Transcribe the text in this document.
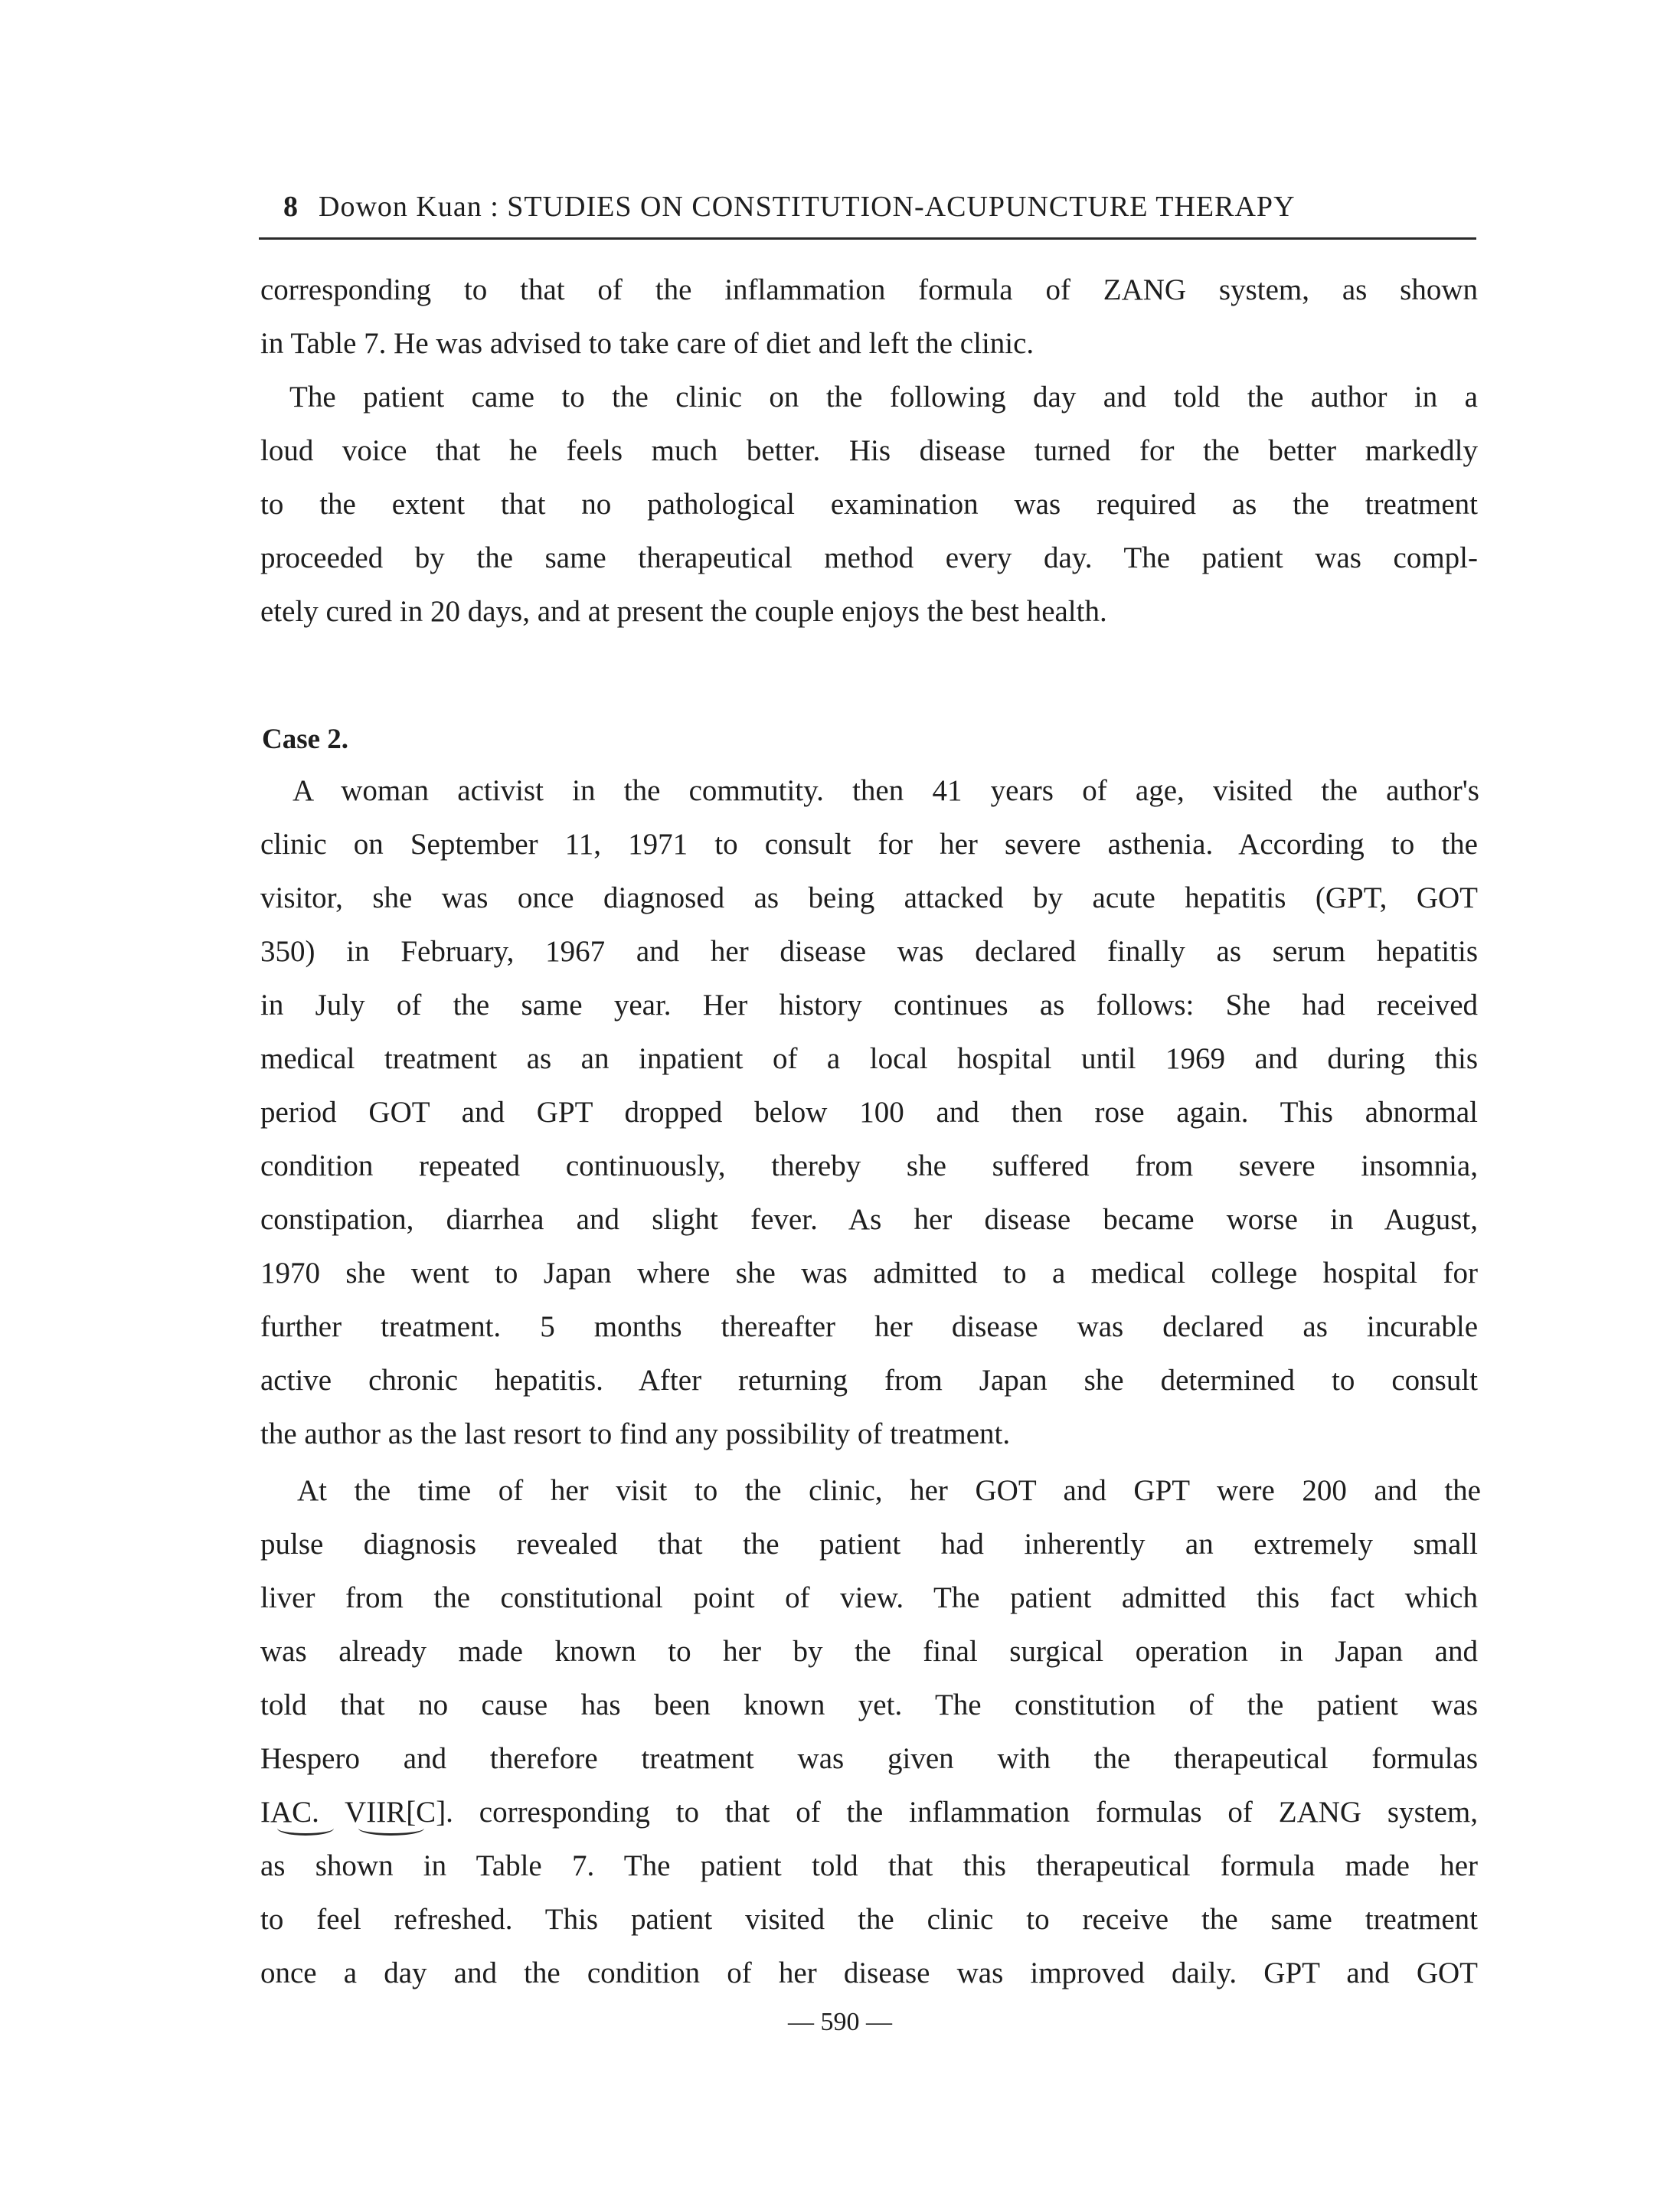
8 Dowon Kuan : STUDIES ON CONSTITUTION-ACUPUNCTURE THERAPY
corresponding to that of the inflammation formula of ZANG system, as shown
in Table 7. He was advised to take care of diet and left the clinic.
The patient came to the clinic on the following day and told the author in a
loud voice that he feels much better. His disease turned for the better markedly
to the extent that no pathological examination was required as the treatment
proceeded by the same therapeutical method every day. The patient was compl-
etely cured in 20 days, and at present the couple enjoys the best health.
Case 2.
A woman activist in the commutity. then 41 years of age, visited the author's
clinic on September 11, 1971 to consult for her severe asthenia. According to the
visitor, she was once diagnosed as being attacked by acute hepatitis (GPT, GOT
350) in February, 1967 and her disease was declared finally as serum hepatitis
in July of the same year. Her history continues as follows: She had received
medical treatment as an inpatient of a local hospital until 1969 and during this
period GOT and GPT dropped below 100 and then rose again. This abnormal
condition repeated continuously, thereby she suffered from severe insomnia,
constipation, diarrhea and slight fever. As her disease became worse in August,
1970 she went to Japan where she was admitted to a medical college hospital for
further treatment. 5 months thereafter her disease was declared as incurable
active chronic hepatitis. After returning from Japan she determined to consult
the author as the last resort to find any possibility of treatment.
At the time of her visit to the clinic, her GOT and GPT were 200 and the
pulse diagnosis revealed that the patient had inherently an extremely small
liver from the constitutional point of view. The patient admitted this fact which
was already made known to her by the final surgical operation in Japan and
told that no cause has been known yet. The constitution of the patient was
Hespero and therefore treatment was given with the therapeutical formulas
IAC. VIIR[C]. corresponding to that of the inflammation formulas of ZANG system,
as shown in Table 7. The patient told that this therapeutical formula made her
to feel refreshed. This patient visited the clinic to receive the same treatment
once a day and the condition of her disease was improved daily. GPT and GOT
— 590 —
